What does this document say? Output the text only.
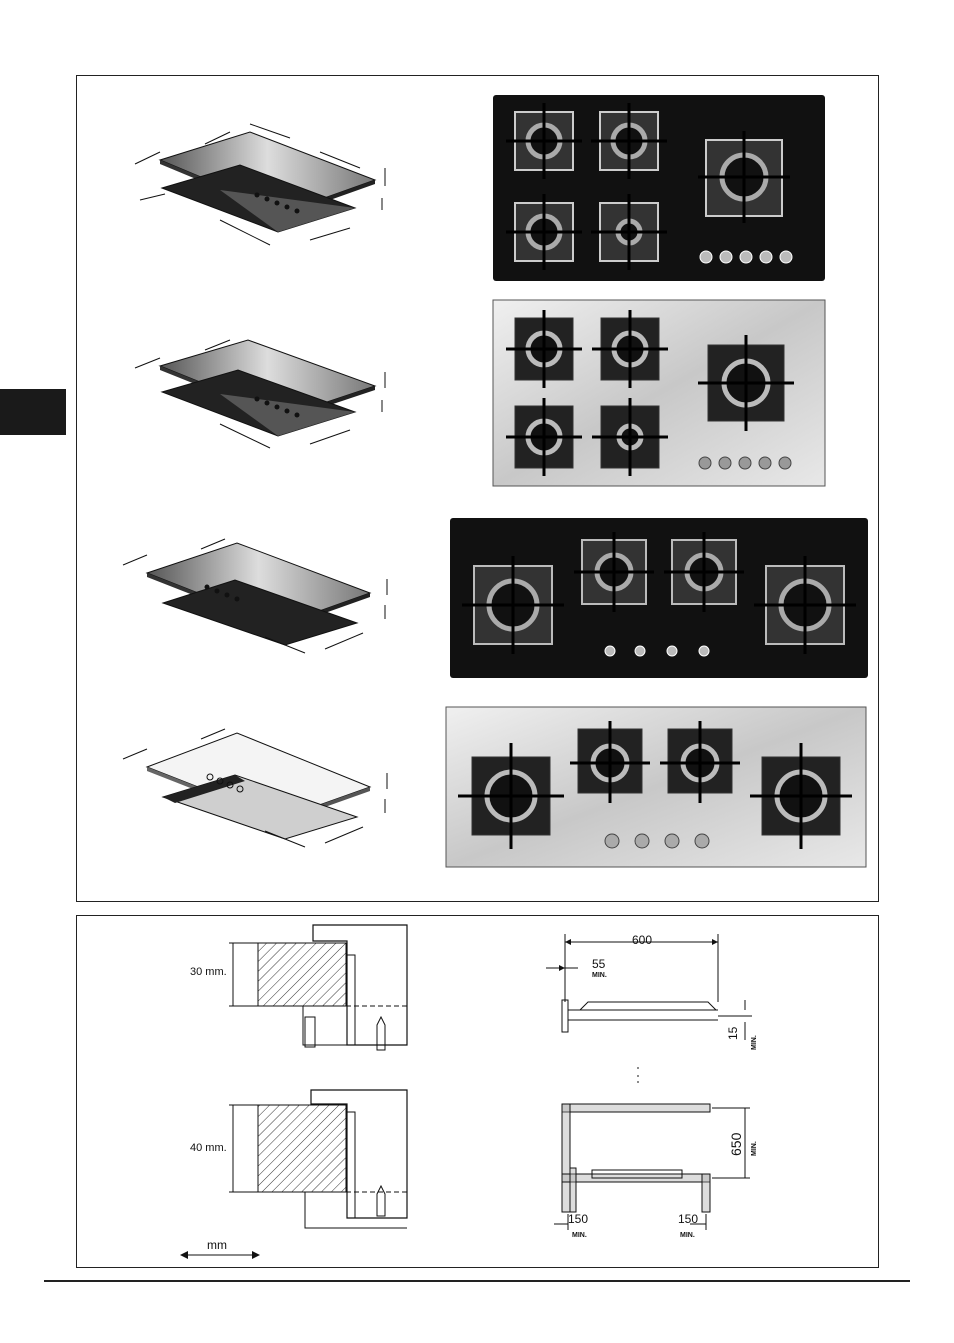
30 mm.
40 mm.
mm
600
55
MIN.
15
MIN.
650 MIN.
150
MIN.
150
MIN.
